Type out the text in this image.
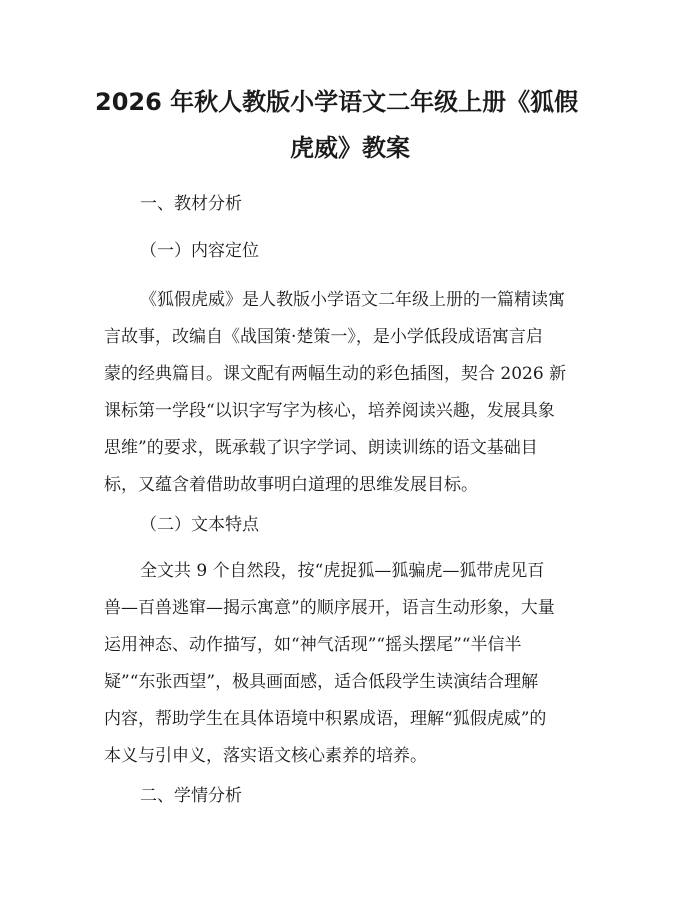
2026 年秋人教版小学语文二年级上册《狐假
虎威》教案
一、教材分析
（一）内容定位
《狐假虎威》是人教版小学语文二年级上册的一篇精读寓
言故事，改编自《战国策·楚策一》，是小学低段成语寓言启
蒙的经典篇目。课文配有两幅生动的彩色插图，契合 2026 新
课标第一学段“以识字写字为核心，培养阅读兴趣，发展具象
思维”的要求，既承载了识字学词、朗读训练的语文基础目
标，又蕴含着借助故事明白道理的思维发展目标。
（二）文本特点
全文共 9 个自然段，按“虎捉狐—狐骗虎—狐带虎见百
兽—百兽逃窜—揭示寓意”的顺序展开，语言生动形象，大量
运用神态、动作描写，如“神气活现”“摇头摆尾”“半信半
疑”“东张西望”，极具画面感，适合低段学生读演结合理解
内容，帮助学生在具体语境中积累成语，理解“狐假虎威”的
本义与引申义，落实语文核心素养的培养。
二、学情分析
